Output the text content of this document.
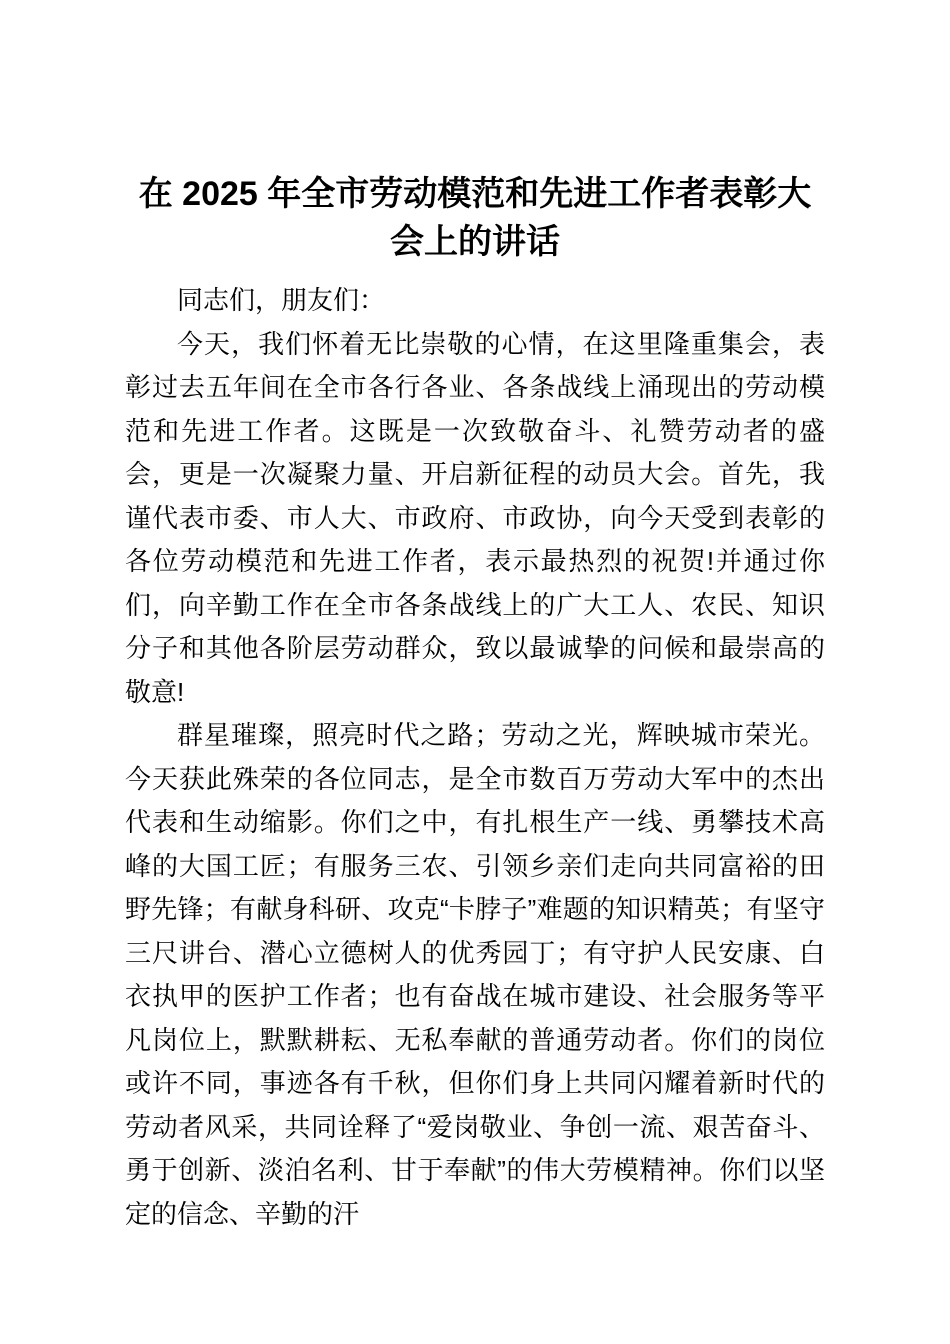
在 2025 年全市劳动模范和先进工作者表彰大会上的讲话

同志们，朋友们：

今天，我们怀着无比崇敬的心情，在这里隆重集会，表彰过去五年间在全市各行各业、各条战线上涌现出的劳动模范和先进工作者。这既是一次致敬奋斗、礼赞劳动者的盛会，更是一次凝聚力量、开启新征程的动员大会。首先，我谨代表市委、市人大、市政府、市政协，向今天受到表彰的各位劳动模范和先进工作者，表示最热烈的祝贺!并通过你们，向辛勤工作在全市各条战线上的广大工人、农民、知识分子和其他各阶层劳动群众，致以最诚挚的问候和最崇高的敬意!

群星璀璨，照亮时代之路；劳动之光，辉映城市荣光。今天获此殊荣的各位同志，是全市数百万劳动大军中的杰出代表和生动缩影。你们之中，有扎根生产一线、勇攀技术高峰的大国工匠；有服务三农、引领乡亲们走向共同富裕的田野先锋；有献身科研、攻克“卡脖子”难题的知识精英；有坚守三尺讲台、潜心立德树人的优秀园丁；有守护人民安康、白衣执甲的医护工作者；也有奋战在城市建设、社会服务等平凡岗位上，默默耕耘、无私奉献的普通劳动者。你们的岗位或许不同，事迹各有千秋，但你们身上共同闪耀着新时代的劳动者风采，共同诠释了“爱岗敬业、争创一流、艰苦奋斗、勇于创新、淡泊名利、甘于奉献”的伟大劳模精神。你们以坚定的信念、辛勤的汗
